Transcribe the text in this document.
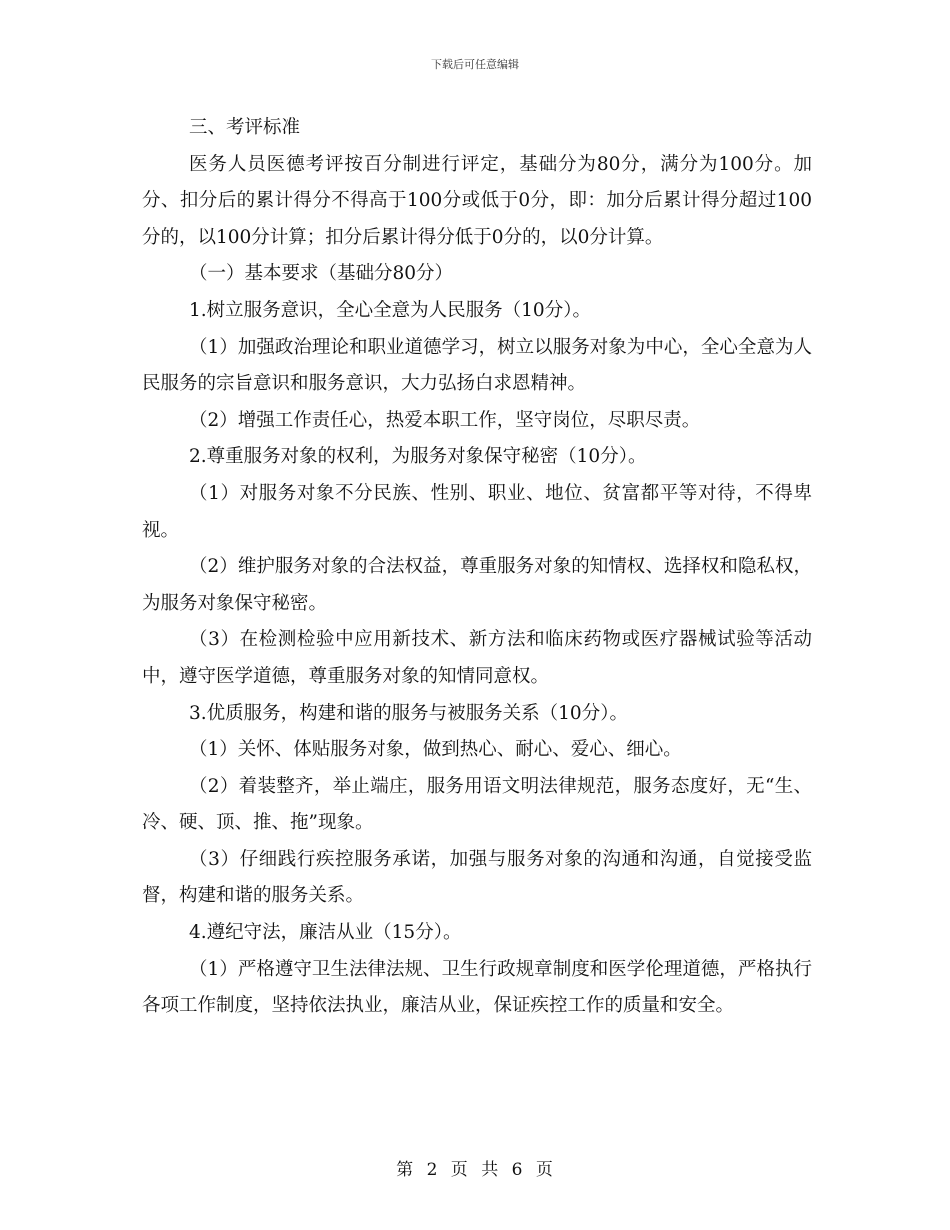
下载后可任意编辑

三、考评标准

医务人员医德考评按百分制进行评定，基础分为80分，满分为100分。加分、扣分后的累计得分不得高于100分或低于0分，即：加分后累计得分超过100分的，以100分计算；扣分后累计得分低于0分的，以0分计算。

（一）基本要求（基础分80分）

1.树立服务意识，全心全意为人民服务（10分）。

（1）加强政治理论和职业道德学习，树立以服务对象为中心，全心全意为人民服务的宗旨意识和服务意识，大力弘扬白求恩精神。

（2）增强工作责任心，热爱本职工作，坚守岗位，尽职尽责。

2.尊重服务对象的权利，为服务对象保守秘密（10分）。

（1）对服务对象不分民族、性别、职业、地位、贫富都平等对待，不得卑视。

（2）维护服务对象的合法权益，尊重服务对象的知情权、选择权和隐私权，为服务对象保守秘密。

（3）在检测检验中应用新技术、新方法和临床药物或医疗器械试验等活动中，遵守医学道德，尊重服务对象的知情同意权。

3.优质服务，构建和谐的服务与被服务关系（10分）。

（1）关怀、体贴服务对象，做到热心、耐心、爱心、细心。

（2）着装整齐，举止端庄，服务用语文明法律规范，服务态度好，无“生、冷、硬、顶、推、拖”现象。

（3）仔细践行疾控服务承诺，加强与服务对象的沟通和沟通，自觉接受监督，构建和谐的服务关系。

4.遵纪守法，廉洁从业（15分）。

（1）严格遵守卫生法律法规、卫生行政规章制度和医学伦理道德，严格执行各项工作制度，坚持依法执业，廉洁从业，保证疾控工作的质量和安全。

第 2 页 共 6 页
